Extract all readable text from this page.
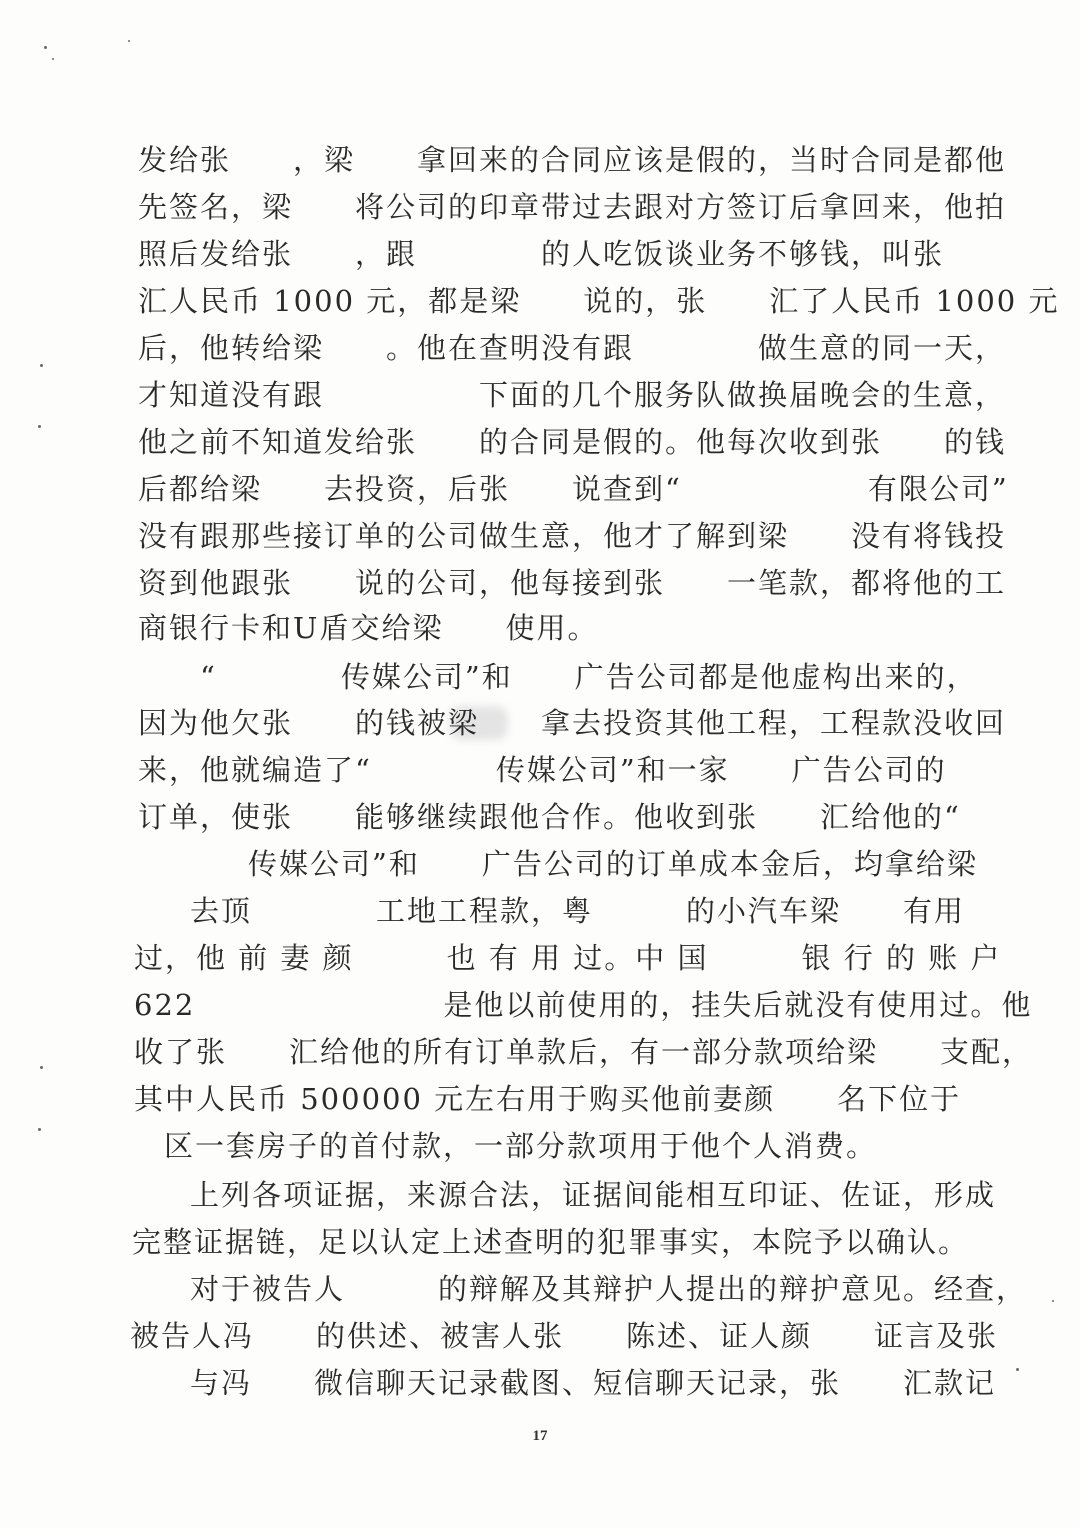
发给张　　，梁　　拿回来的合同应该是假的，当时合同是都他
先签名，梁　　将公司的印章带过去跟对方签订后拿回来，他拍
照后发给张　　，跟　　　　的人吃饭谈业务不够钱，叫张
汇人民币 1000 元，都是梁　　说的，张　　汇了人民币 1000 元
后，他转给梁　　。他在查明没有跟　　　　做生意的同一天，
才知道没有跟　　　　　下面的几个服务队做换届晚会的生意，
他之前不知道发给张　　的合同是假的。他每次收到张　　的钱
后都给梁　　去投资，后张　　说查到“　　　　　　有限公司”
没有跟那些接订单的公司做生意，他才了解到梁　　没有将钱投
资到他跟张　　说的公司，他每接到张　　一笔款，都将他的工
商银行卡和U盾交给梁　　使用。
“　　　　传媒公司”和　　广告公司都是他虚构出来的，
因为他欠张　　的钱被梁　　拿去投资其他工程，工程款没收回
来，他就编造了“　　　　传媒公司”和一家　　广告公司的
订单，使张　　能够继续跟他合作。他收到张　　汇给他的“
传媒公司”和　　广告公司的订单成本金后，均拿给梁
去顶　　　　工地工程款，粤　　　的小汽车梁　　有用
过，他 前 妻 颜　　　也 有 用 过。中 国　　　银 行 的 账 户
622　　　　　　　　是他以前使用的，挂失后就没有使用过。他
收了张　　汇给他的所有订单款后，有一部分款项给梁　　支配，
其中人民币 500000 元左右用于购买他前妻颜　　名下位于
区一套房子的首付款，一部分款项用于他个人消费。
上列各项证据，来源合法，证据间能相互印证、佐证，形成
完整证据链，足以认定上述查明的犯罪事实，本院予以确认。
对于被告人　　　的辩解及其辩护人提出的辩护意见。经查，
被告人冯　　的供述、被害人张　　陈述、证人颜　　证言及张
与冯　　微信聊天记录截图、短信聊天记录，张　　汇款记
17
